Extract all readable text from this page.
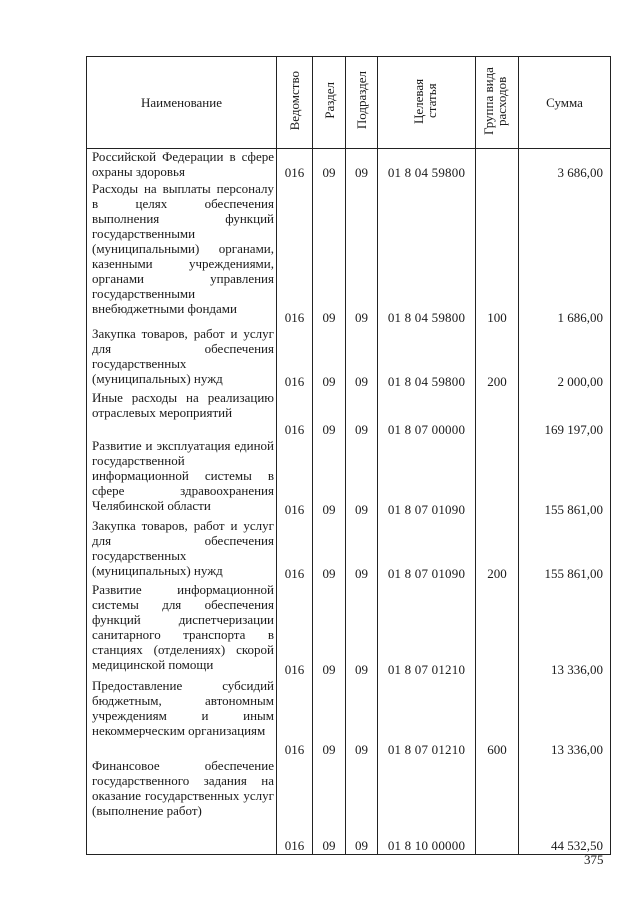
Наименование	Ведомство	Раздел	Подраздел	Целевая статья	Группа вида расходов	Сумма

Российской Федерации в сфере охраны здоровья	016	09	09	01 8 04 59800		3 686,00

Расходы на выплаты персоналу в целях обеспечения выполнения функций государственными (муниципальными) органами, казенными учреждениями, органами управления государственными внебюджетными фондами	016	09	09	01 8 04 59800	100	1 686,00

Закупка товаров, работ и услуг для обеспечения государственных (муниципальных) нужд	016	09	09	01 8 04 59800	200	2 000,00

Иные расходы на реализацию отраслевых мероприятий	016	09	09	01 8 07 00000		169 197,00

Развитие и эксплуатация единой государственной информационной системы в сфере здравоохранения Челябинской области	016	09	09	01 8 07 01090		155 861,00

Закупка товаров, работ и услуг для обеспечения государственных (муниципальных) нужд	016	09	09	01 8 07 01090	200	155 861,00

Развитие информационной системы для обеспечения функций диспетчеризации санитарного транспорта в станциях (отделениях) скорой медицинской помощи	016	09	09	01 8 07 01210		13 336,00

Предоставление субсидий бюджетным, автономным учреждениям и иным некоммерческим организациям	016	09	09	01 8 07 01210	600	13 336,00

Финансовое обеспечение государственного задания на оказание государственных услуг (выполнение работ)	016	09	09	01 8 10 00000		44 532,50
375
